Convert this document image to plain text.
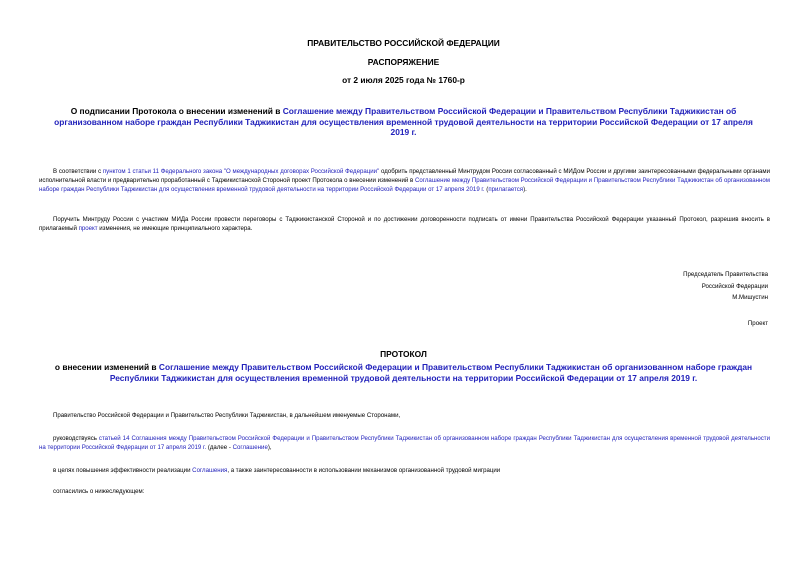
ПРАВИТЕЛЬСТВО РОССИЙСКОЙ ФЕДЕРАЦИИ
РАСПОРЯЖЕНИЕ
от 2 июля 2025 года № 1760-р
О подписании Протокола о внесении изменений в Соглашение между Правительством Российской Федерации и Правительством Республики Таджикистан об организованном наборе граждан Республики Таджикистан для осуществления временной трудовой деятельности на территории Российской Федерации от 17 апреля 2019 г.
В соответствии с пунктом 1 статьи 11 Федерального закона "О международных договорах Российской Федерации" одобрить представленный Минтрудом России согласованный с МИДом России и другими заинтересованными федеральными органами исполнительной власти и предварительно проработанный с Таджикистанской Стороной проект Протокола о внесении изменений в Соглашение между Правительством Российской Федерации и Правительством Республики Таджикистан об организованном наборе граждан Республики Таджикистан для осуществления временной трудовой деятельности на территории Российской Федерации от 17 апреля 2019 г. (прилагается).
Поручить Минтруду России с участием МИДа России провести переговоры с Таджикистанской Стороной и по достижении договоренности подписать от имени Правительства Российской Федерации указанный Протокол, разрешив вносить в прилагаемый проект изменения, не имеющие принципиального характера.
Председатель Правительства
Российской Федерации
М.Мишустин
Проект
ПРОТОКОЛ
о внесении изменений в Соглашение между Правительством Российской Федерации и Правительством Республики Таджикистан об организованном наборе граждан Республики Таджикистан для осуществления временной трудовой деятельности на территории Российской Федерации от 17 апреля 2019 г.
Правительство Российской Федерации и Правительство Республики Таджикистан, в дальнейшем именуемые Сторонами,
руководствуясь статьей 14 Соглашения между Правительством Российской Федерации и Правительством Республики Таджикистан об организованном наборе граждан Республики Таджикистан для осуществления временной трудовой деятельности на территории Российской Федерации от 17 апреля 2019 г. (далее - Соглашение),
в целях повышения эффективности реализации Соглашения, а также заинтересованности в использовании механизмов организованной трудовой миграции
согласились о нижеследующем:
